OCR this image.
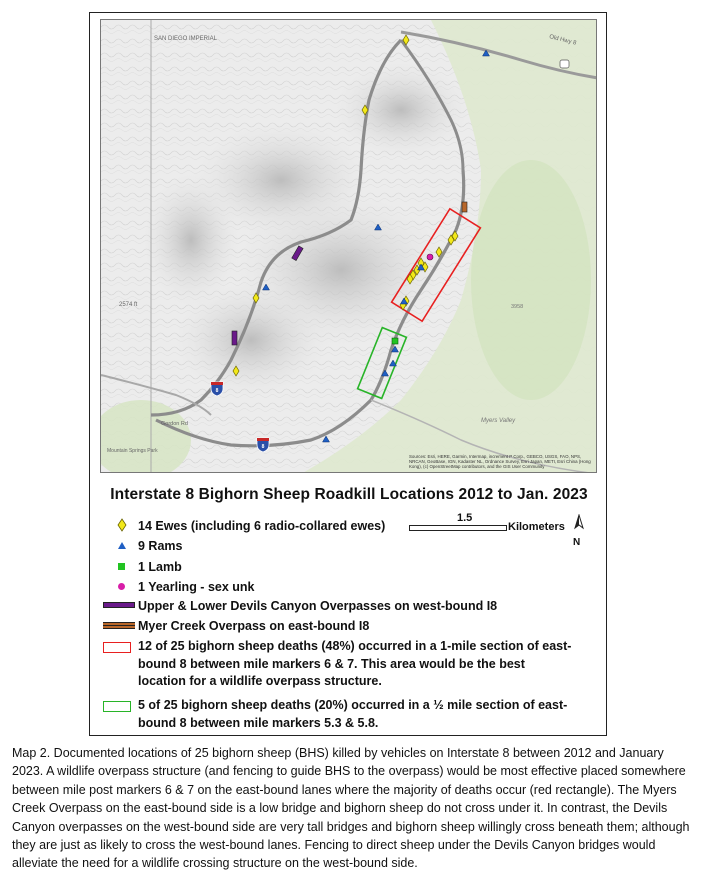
SAN DIEGO IMPERIAL	Old Hwy 8
2574 ft
Gordon Rd
Mountain Springs Park
Myers Valley
3958
Sources: Esri, HERE, Garmin, Intermap, increment P Corp., GEBCO, USGS, FAO, NPS, NRCAN, GeoBase, IGN, Kadaster NL, Ordnance Survey, Esri Japan, METI, Esri China (Hong Kong), (c) OpenStreetMap contributors, and the GIS User Community
8
8
Interstate 8 Bighorn Sheep Roadkill Locations 2012 to Jan. 2023
14 Ewes (including 6 radio-collared ewes)
1.5
Kilometers
N
9 Rams
1 Lamb
1 Yearling - sex unk
Upper & Lower Devils Canyon Overpasses on west-bound I8
Myer Creek Overpass on east-bound I8
12 of 25 bighorn sheep deaths (48%) occurred in a 1-mile section of east-
bound 8 between mile markers 6 & 7. This area would be the best
location for a wildlife overpass structure.
5 of 25 bighorn sheep deaths (20%) occurred in a ½ mile section of east-
bound 8 between mile markers 5.3 & 5.8.
Map 2. Documented locations of 25 bighorn sheep (BHS) killed by vehicles on Interstate 8 between 2012 and January 2023. A wildlife overpass structure (and fencing to guide BHS to the overpass) would be most effective placed somewhere between mile post markers 6 & 7 on the east-bound lanes where the majority of deaths occur (red rectangle). The Myers Creek Overpass on the east-bound side is a low bridge and bighorn sheep do not cross under it. In contrast, the Devils Canyon overpasses on the west-bound side are very tall bridges and bighorn sheep willingly cross beneath them; although they are just as likely to cross the west-bound lanes. Fencing to direct sheep under the Devils Canyon bridges would alleviate the need for a wildlife crossing structure on the west-bound side.
